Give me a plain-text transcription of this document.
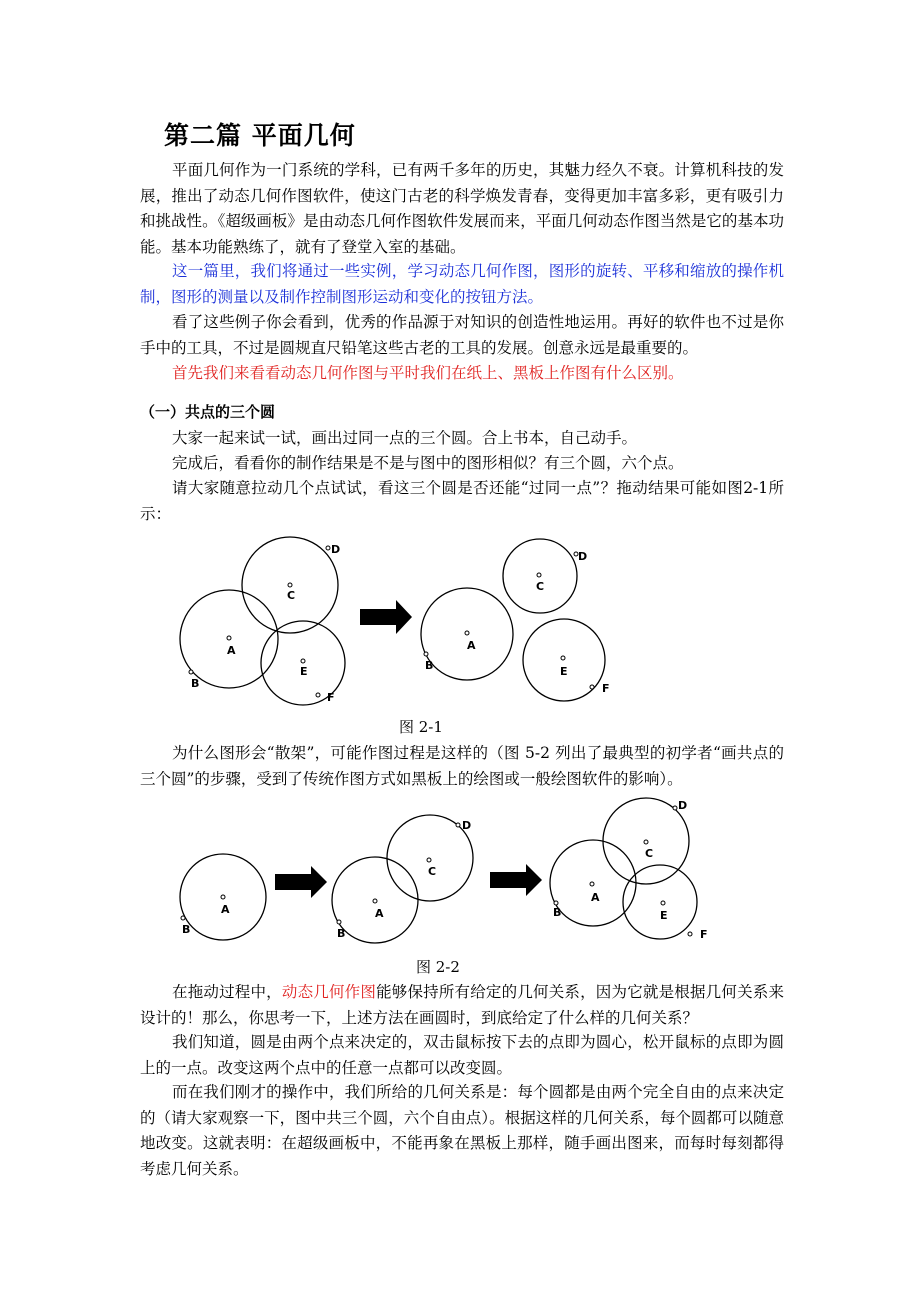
第二篇 平面几何

平面几何作为一门系统的学科，已有两千多年的历史，其魅力经久不衰。计算机科技的发展，推出了动态几何作图软件，使这门古老的科学焕发青春，变得更加丰富多彩，更有吸引力和挑战性。《超级画板》是由动态几何作图软件发展而来，平面几何动态作图当然是它的基本功能。基本功能熟练了，就有了登堂入室的基础。

这一篇里，我们将通过一些实例，学习动态几何作图，图形的旋转、平移和缩放的操作机制，图形的测量以及制作控制图形运动和变化的按钮方法。

看了这些例子你会看到，优秀的作品源于对知识的创造性地运用。再好的软件也不过是你手中的工具，不过是圆规直尺铅笔这些古老的工具的发展。创意永远是最重要的。

首先我们来看看动态几何作图与平时我们在纸上、黑板上作图有什么区别。

（一）共点的三个圆

大家一起来试一试，画出过同一点的三个圆。合上书本，自己动手。

完成后，看看你的制作结果是不是与图中的图形相似？有三个圆，六个点。

请大家随意拉动几个点试试，看这三个圆是否还能“过同一点”？拖动结果可能如图2-1所示：

A
C
E
B
D
F
A
C
E
B
D
F

图 2-1

为什么图形会“散架”，可能作图过程是这样的（图 5-2 列出了最典型的初学者“画共点的三个圆”的步骤，受到了传统作图方式如黑板上的绘图或一般绘图软件的影响）。

A
B
A
C
B
D
A
C
E
B
D
F

图 2-2

在拖动过程中，动态几何作图能够保持所有给定的几何关系，因为它就是根据几何关系来设计的！那么，你思考一下，上述方法在画圆时，到底给定了什么样的几何关系？

我们知道，圆是由两个点来决定的，双击鼠标按下去的点即为圆心，松开鼠标的点即为圆上的一点。改变这两个点中的任意一点都可以改变圆。

而在我们刚才的操作中，我们所给的几何关系是：每个圆都是由两个完全自由的点来决定的（请大家观察一下，图中共三个圆，六个自由点）。根据这样的几何关系，每个圆都可以随意地改变。这就表明：在超级画板中，不能再象在黑板上那样，随手画出图来，而每时每刻都得考虑几何关系。
